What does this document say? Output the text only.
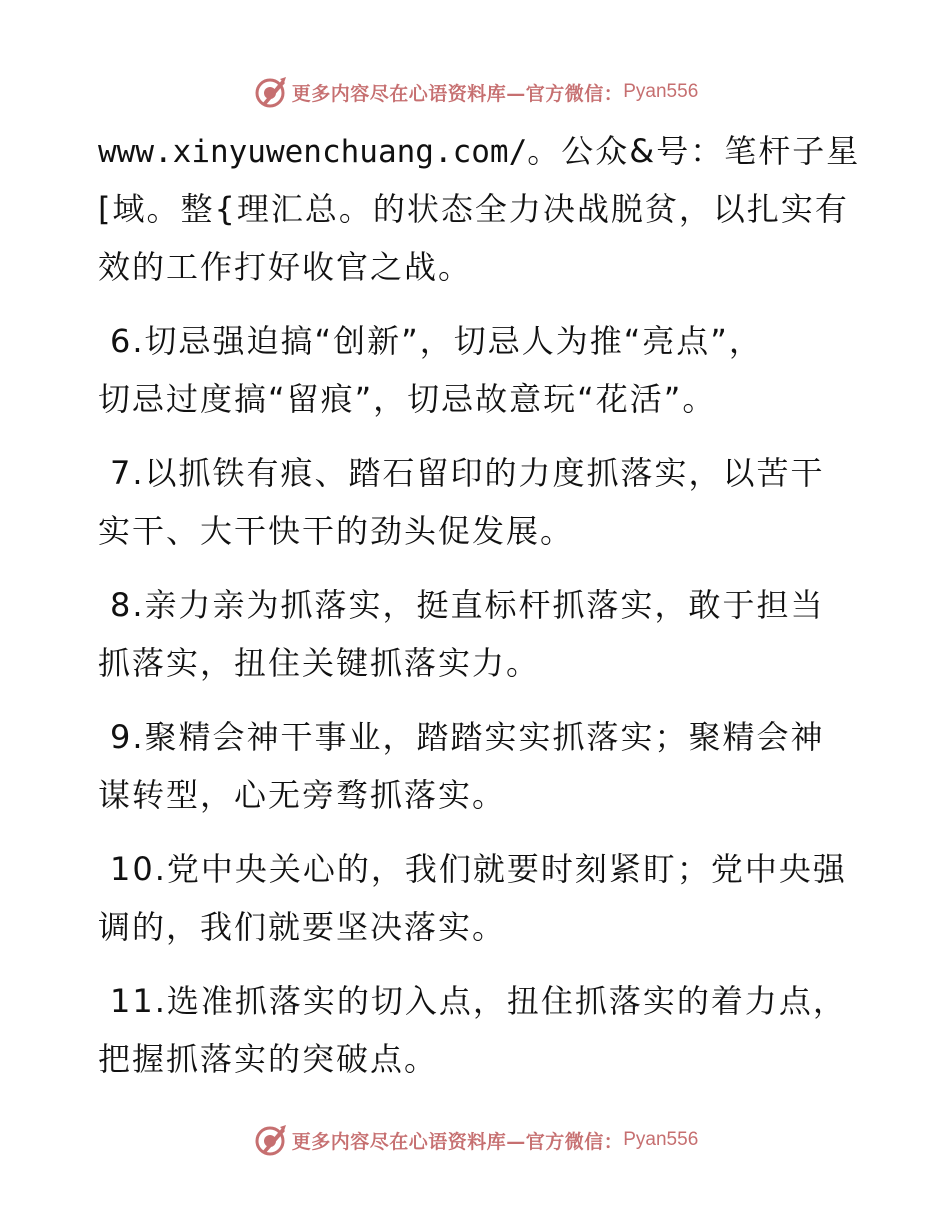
更多内容尽在心语资料库—官方微信： Pyan556
www.xinyuwenchuang.com/。公众&号：笔杆子星
[域。整{理汇总。的状态全力决战脱贫，以扎实有
效的工作打好收官之战。
6.切忌强迫搞“创新”，切忌人为推“亮点”，
切忌过度搞“留痕”，切忌故意玩“花活”。
7.以抓铁有痕、踏石留印的力度抓落实，以苦干
实干、大干快干的劲头促发展。
8.亲力亲为抓落实，挺直标杆抓落实，敢于担当
抓落实，扭住关键抓落实力。
9.聚精会神干事业，踏踏实实抓落实；聚精会神
谋转型，心无旁骛抓落实。
10.党中央关心的，我们就要时刻紧盯；党中央强
调的，我们就要坚决落实。
11.选准抓落实的切入点，扭住抓落实的着力点，
把握抓落实的突破点。
更多内容尽在心语资料库—官方微信： Pyan556
